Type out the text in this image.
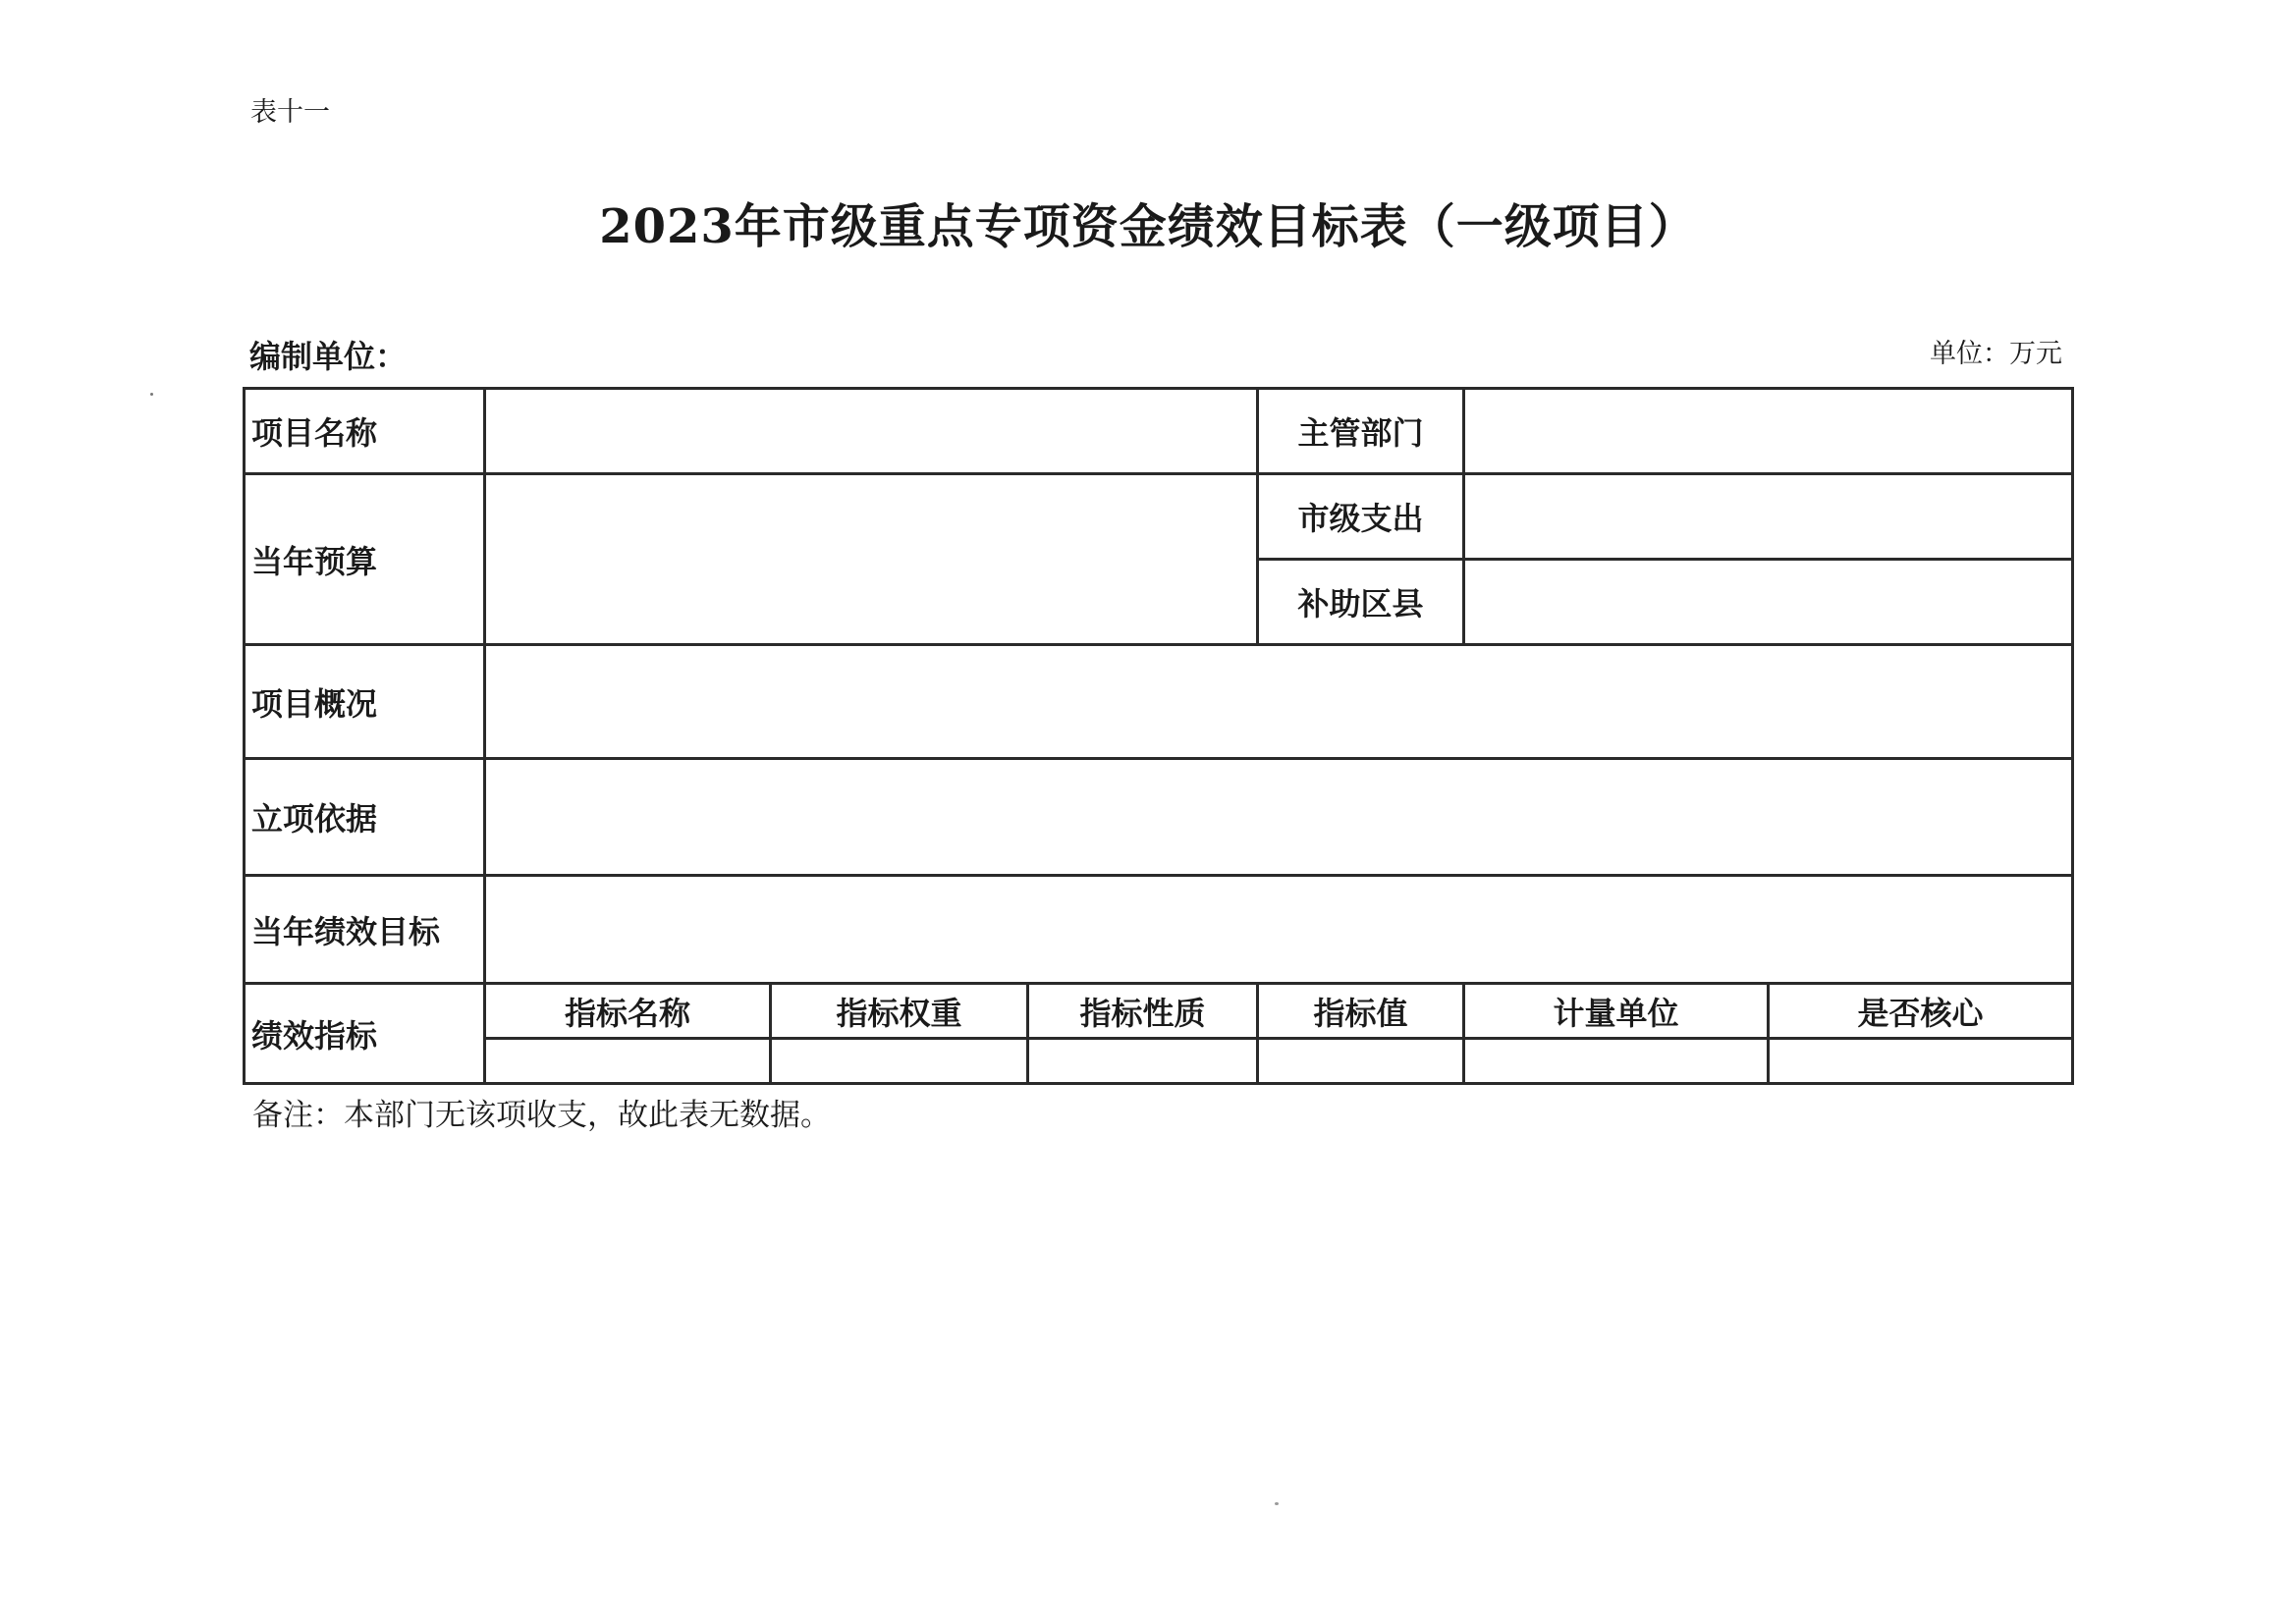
表十一
2023年市级重点专项资金绩效目标表（一级项目）
编制单位：	单位：万元
项目名称				主管部门		
当年预算				市级支出		
				补助区县		
项目概况						
立项依据						
当年绩效目标						
绩效指标	指标名称	指标权重	指标性质	指标值	计量单位	是否核心

备注：本部门无该项收支，故此表无数据。
